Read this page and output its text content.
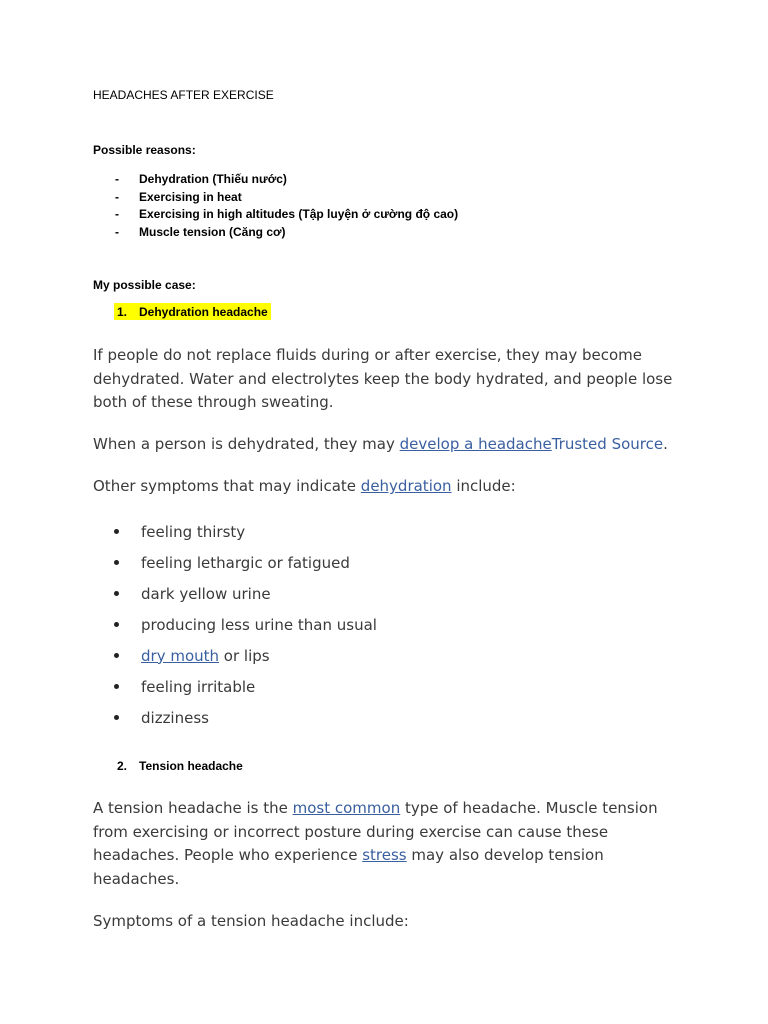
HEADACHES AFTER EXERCISE
Possible reasons:
-	Dehydration (Thiếu nước)
-	Exercising in heat
-	Exercising in high altitudes (Tập luyện ở cường độ cao)
-	Muscle tension (Căng cơ)
My possible case:
1. Dehydration headache

If people do not replace fluids during or after exercise, they may become dehydrated. Water and electrolytes keep the body hydrated, and people lose both of these through sweating.

When a person is dehydrated, they may develop a headacheTrusted Source.

Other symptoms that may indicate dehydration include:

feeling thirsty
feeling lethargic or fatigued
dark yellow urine
producing less urine than usual
dry mouth or lips
feeling irritable
dizziness
2. Tension headache

A tension headache is the most common type of headache. Muscle tension from exercising or incorrect posture during exercise can cause these headaches. People who experience stress may also develop tension headaches.

Symptoms of a tension headache include:
